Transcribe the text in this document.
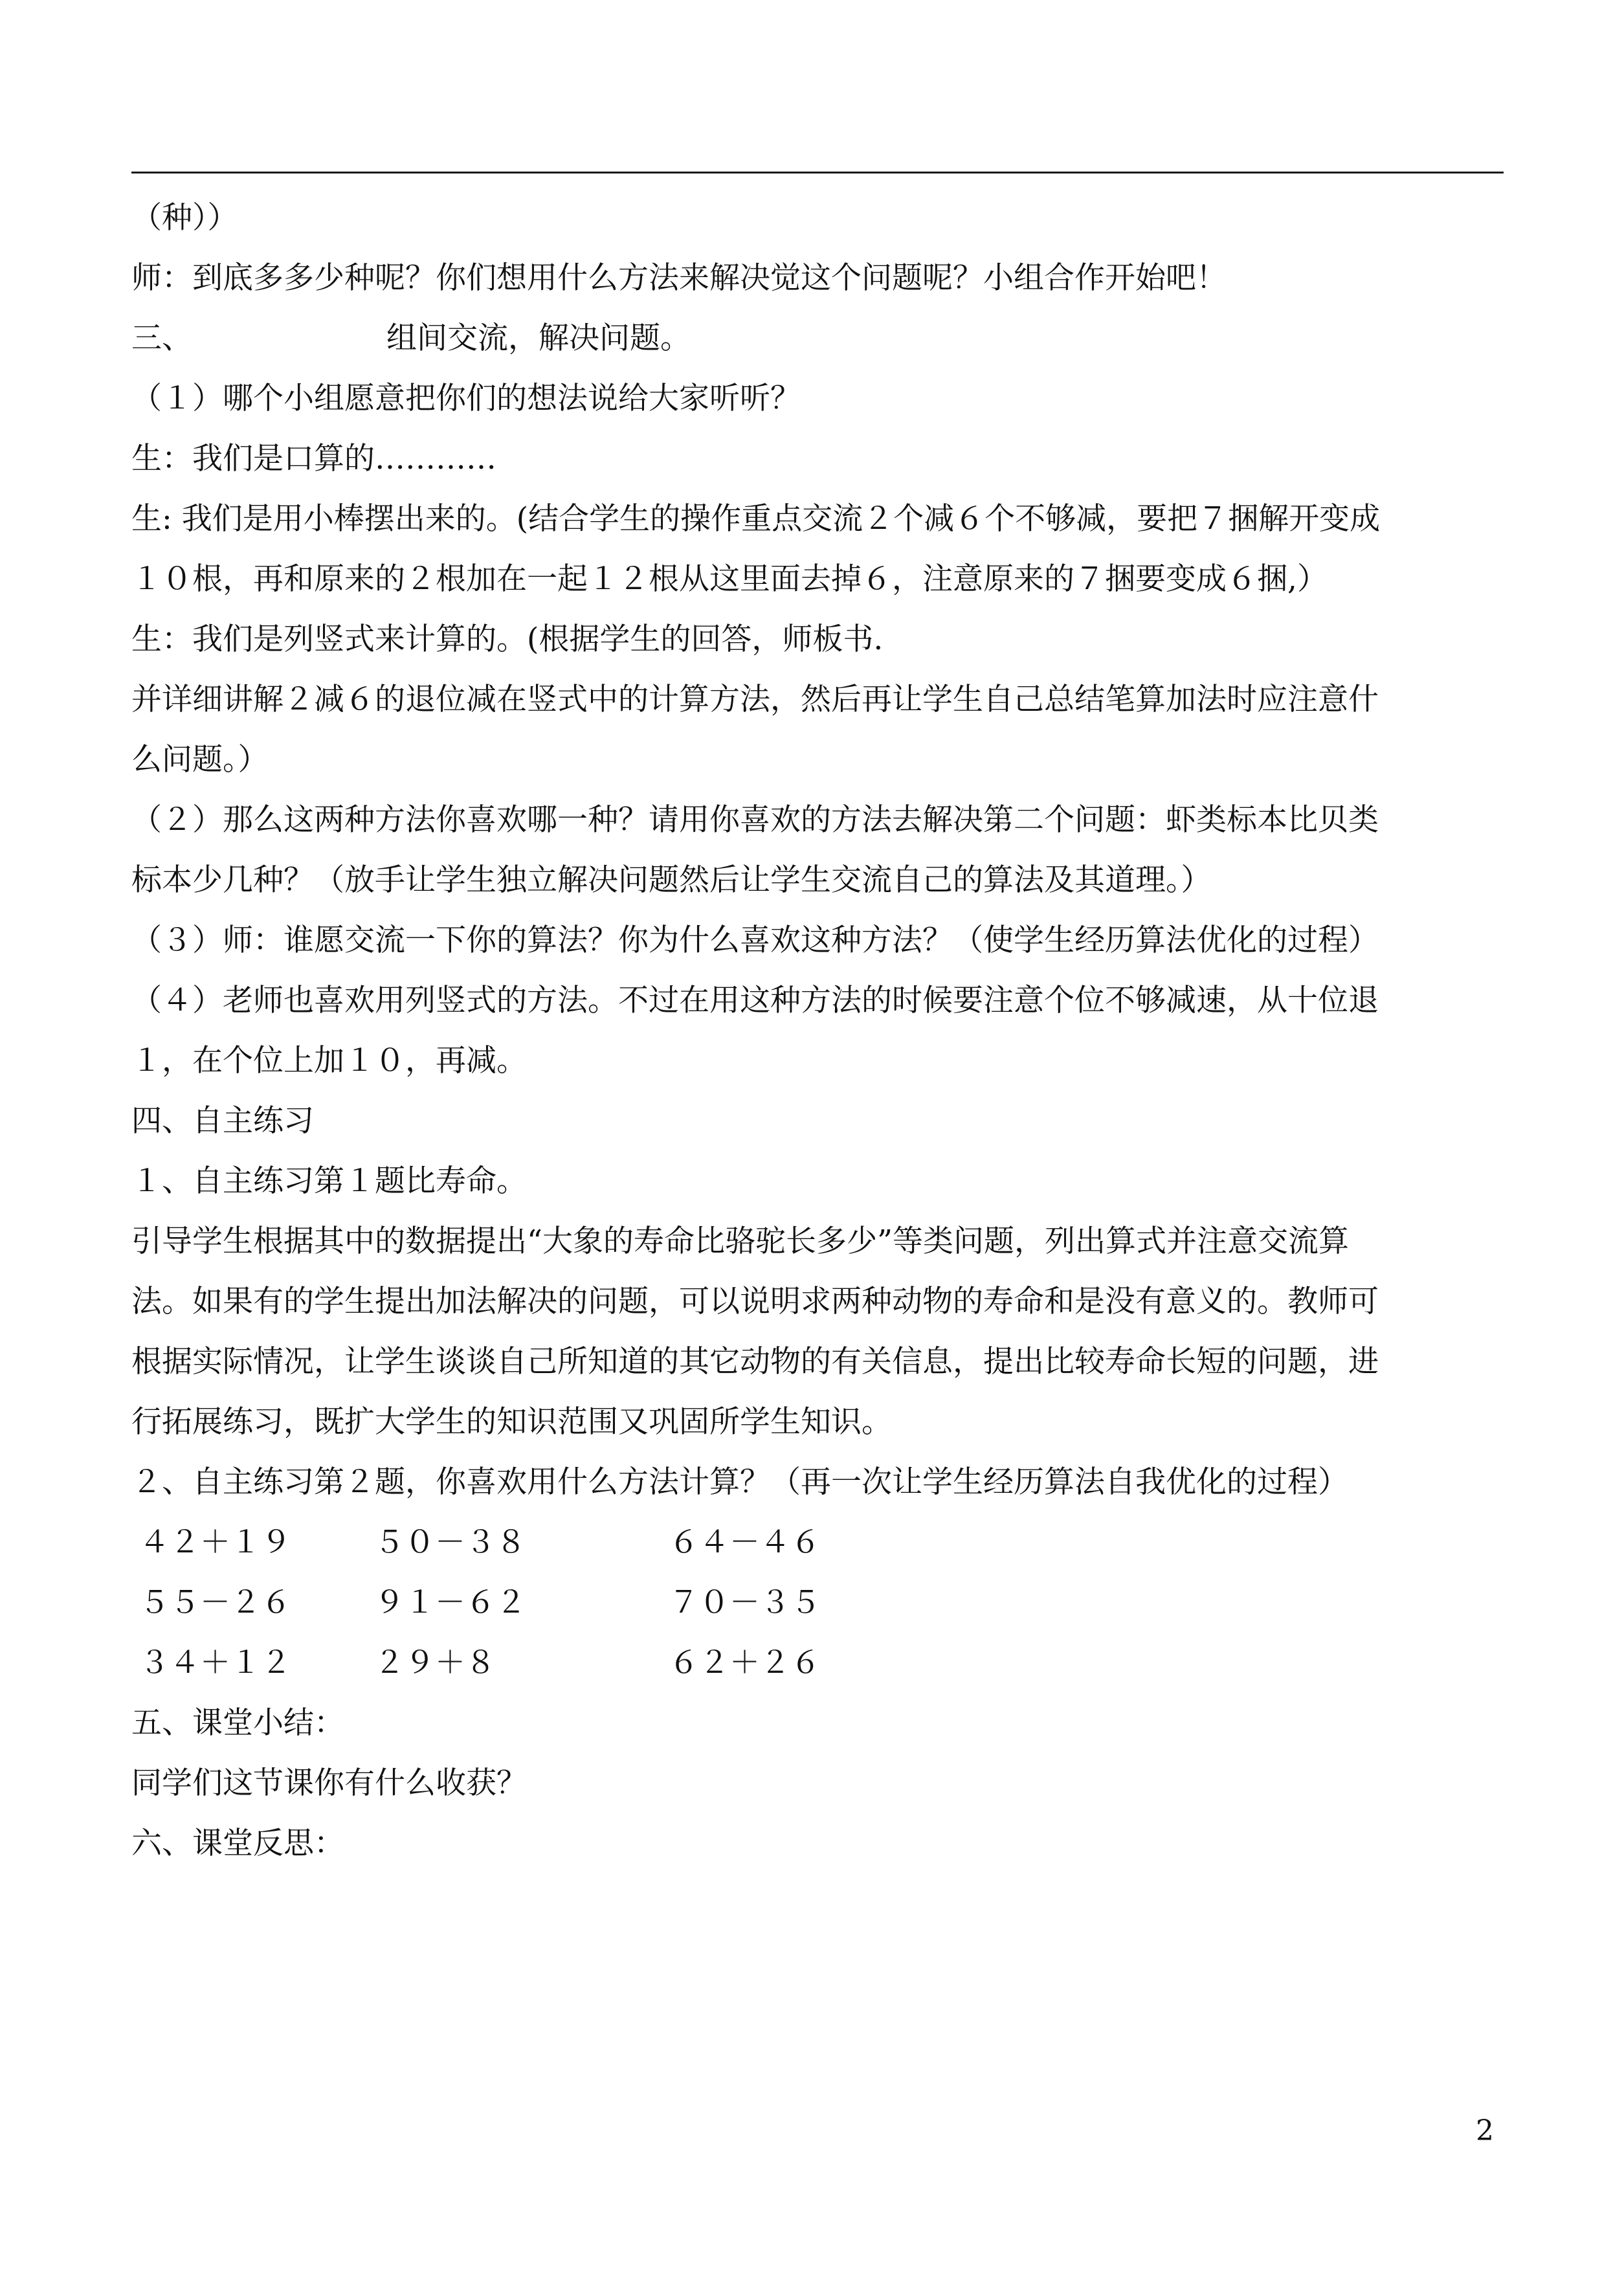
（种））
师：到底多多少种呢？你们想用什么方法来解决觉这个问题呢？小组合作开始吧！
三、	组间交流，解决问题。
（１）哪个小组愿意把你们的想法说给大家听听？
生：我们是口算的…………
生: 我们是用小棒摆出来的。(结合学生的操作重点交流２个减６个不够减，要把７捆解开变成
１０根，再和原来的２根加在一起１２根从这里面去掉６，注意原来的７捆要变成６捆,）
生：我们是列竖式来计算的。(根据学生的回答，师板书.
并详细讲解２减６的退位减在竖式中的计算方法，然后再让学生自己总结笔算加法时应注意什
么问题。）
（２）那么这两种方法你喜欢哪一种？请用你喜欢的方法去解决第二个问题：虾类标本比贝类
标本少几种？（放手让学生独立解决问题然后让学生交流自己的算法及其道理。）
（３）师：谁愿交流一下你的算法？你为什么喜欢这种方法？（使学生经历算法优化的过程）
（４）老师也喜欢用列竖式的方法。不过在用这种方法的时候要注意个位不够减速，从十位退
１，在个位上加１０，再减。
四、自主练习
１、自主练习第１题比寿命。
引导学生根据其中的数据提出“大象的寿命比骆驼长多少”等类问题，列出算式并注意交流算
法。如果有的学生提出加法解决的问题，可以说明求两种动物的寿命和是没有意义的。教师可
根据实际情况，让学生谈谈自己所知道的其它动物的有关信息，提出比较寿命长短的问题，进
行拓展练习，既扩大学生的知识范围又巩固所学生知识。
２、自主练习第２题，你喜欢用什么方法计算？（再一次让学生经历算法自我优化的过程）
４２＋１９	５０－３８	６４－４６
５５－２６	９１－６２	７０－３５
３４＋１２	２９＋８	６２＋２６
五、课堂小结：
同学们这节课你有什么收获？
六、课堂反思：
2
